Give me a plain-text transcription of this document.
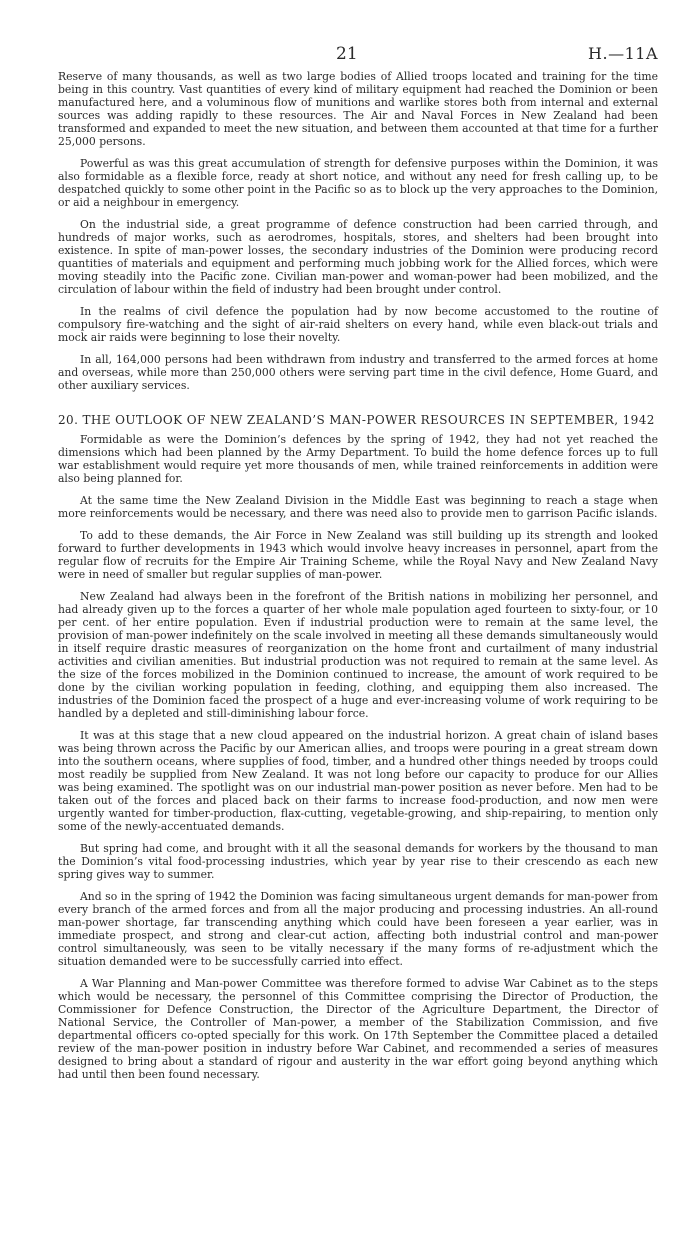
21	H.—11A

Reserve of many thousands, as well as two large bodies of Allied troops located and training for the time being in this country. Vast quantities of every kind of military equipment had reached the Dominion or been manufactured here, and a voluminous flow of munitions and warlike stores both from internal and external sources was adding rapidly to these resources. The Air and Naval Forces in New Zealand had been transformed and expanded to meet the new situation, and between them accounted at that time for a further 25,000 persons.

Powerful as was this great accumulation of strength for defensive purposes within the Dominion, it was also formidable as a flexible force, ready at short notice, and without any need for fresh calling up, to be despatched quickly to some other point in the Pacific so as to block up the very approaches to the Dominion, or aid a neighbour in emergency.

On the industrial side, a great programme of defence construction had been carried through, and hundreds of major works, such as aerodromes, hospitals, stores, and shelters had been brought into existence. In spite of man-power losses, the secondary industries of the Dominion were producing record quantities of materials and equipment and performing much jobbing work for the Allied forces, which were moving steadily into the Pacific zone. Civilian man-power and woman-power had been mobilized, and the circulation of labour within the field of industry had been brought under control.

In the realms of civil defence the population had by now become accustomed to the routine of compulsory fire-watching and the sight of air-raid shelters on every hand, while even black-out trials and mock air raids were beginning to lose their novelty.

In all, 164,000 persons had been withdrawn from industry and transferred to the armed forces at home and overseas, while more than 250,000 others were serving part time in the civil defence, Home Guard, and other auxiliary services.

20. THE OUTLOOK OF NEW ZEALAND’S MAN-POWER RESOURCES IN SEPTEMBER, 1942

Formidable as were the Dominion’s defences by the spring of 1942, they had not yet reached the dimensions which had been planned by the Army Department. To build the home defence forces up to full war establishment would require yet more thousands of men, while trained reinforcements in addition were also being planned for.

At the same time the New Zealand Division in the Middle East was beginning to reach a stage when more reinforcements would be necessary, and there was need also to provide men to garrison Pacific islands.

To add to these demands, the Air Force in New Zealand was still building up its strength and looked forward to further developments in 1943 which would involve heavy increases in personnel, apart from the regular flow of recruits for the Empire Air Training Scheme, while the Royal Navy and New Zealand Navy were in need of smaller but regular supplies of man-power.

New Zealand had always been in the forefront of the British nations in mobilizing her personnel, and had already given up to the forces a quarter of her whole male population aged fourteen to sixty-four, or 10 per cent. of her entire population. Even if industrial production were to remain at the same level, the provision of man-power indefinitely on the scale involved in meeting all these demands simultaneously would in itself require drastic measures of reorganization on the home front and curtailment of many industrial activities and civilian amenities. But industrial production was not required to remain at the same level. As the size of the forces mobilized in the Dominion continued to increase, the amount of work required to be done by the civilian working population in feeding, clothing, and equipping them also increased. The industries of the Dominion faced the prospect of a huge and ever-increasing volume of work requiring to be handled by a depleted and still-diminishing labour force.

It was at this stage that a new cloud appeared on the industrial horizon. A great chain of island bases was being thrown across the Pacific by our American allies, and troops were pouring in a great stream down into the southern oceans, where supplies of food, timber, and a hundred other things needed by troops could most readily be supplied from New Zealand. It was not long before our capacity to produce for our Allies was being examined. The spotlight was on our industrial man-power position as never before. Men had to be taken out of the forces and placed back on their farms to increase food-production, and now men were urgently wanted for timber-production, flax-cutting, vegetable-growing, and ship-repairing, to mention only some of the newly-accentuated demands.

But spring had come, and brought with it all the seasonal demands for workers by the thousand to man the Dominion’s vital food-processing industries, which year by year rise to their crescendo as each new spring gives way to summer.

And so in the spring of 1942 the Dominion was facing simultaneous urgent demands for man-power from every branch of the armed forces and from all the major producing and processing industries. An all-round man-power shortage, far transcending anything which could have been foreseen a year earlier, was in immediate prospect, and strong and clear-cut action, affecting both industrial control and man-power control simultaneously, was seen to be vitally necessary if the many forms of re-adjustment which the situation demanded were to be successfully carried into effect.

A War Planning and Man-power Committee was therefore formed to advise War Cabinet as to the steps which would be necessary, the personnel of this Committee comprising the Director of Production, the Commissioner for Defence Construction, the Director of the Agriculture Department, the Director of National Service, the Controller of Man-power, a member of the Stabilization Commission, and five departmental officers co-opted specially for this work. On 17th September the Committee placed a detailed review of the man-power position in industry before War Cabinet, and recommended a series of measures designed to bring about a standard of rigour and austerity in the war effort going beyond anything which had until then been found necessary.
